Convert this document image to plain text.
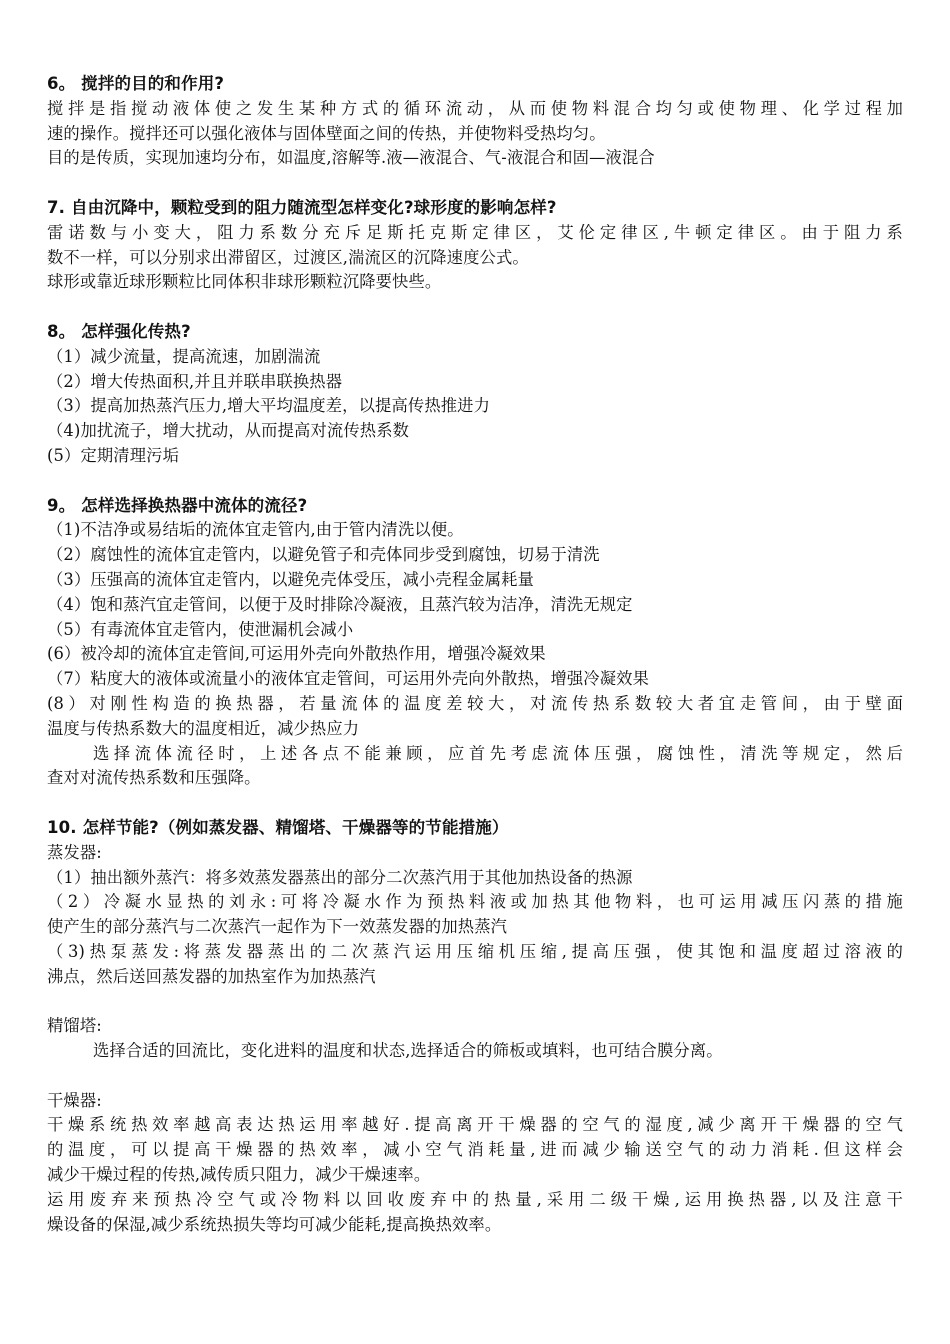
6。 搅拌的目的和作用?
搅拌是指搅动液体使之发生某种方式的循环流动，从而使物料混合均匀或使物理、化学过程加
速的操作。搅拌还可以强化液体与固体壁面之间的传热，并使物料受热均匀。
目的是传质，实现加速均分布，如温度,溶解等.液—液混合、气-液混合和固—液混合
7. 自由沉降中，颗粒受到的阻力随流型怎样变化?球形度的影响怎样?
雷诺数与小变大，阻力系数分充斥足斯托克斯定律区，艾伦定律区,牛顿定律区。由于阻力系
数不一样，可以分别求出滞留区，过渡区,湍流区的沉降速度公式。
球形或靠近球形颗粒比同体积非球形颗粒沉降要快些。
8。 怎样强化传热?
（1）减少流量，提高流速，加剧湍流
（2）增大传热面积,并且并联串联换热器
（3）提高加热蒸汽压力,增大平均温度差，以提高传热推进力
（4)加扰流子，增大扰动，从而提高对流传热系数
(5）定期清理污垢
9。 怎样选择换热器中流体的流径?
（1)不洁净或易结垢的流体宜走管内,由于管内清洗以便。
（2）腐蚀性的流体宜走管内，以避免管子和壳体同步受到腐蚀，切易于清洗
（3）压强高的流体宜走管内，以避免壳体受压，减小壳程金属耗量
（4）饱和蒸汽宜走管间，以便于及时排除冷凝液，且蒸汽较为洁净，清洗无规定
（5）有毒流体宜走管内，使泄漏机会减小
(6）被冷却的流体宜走管间,可运用外壳向外散热作用，增强冷凝效果
（7）粘度大的液体或流量小的液体宜走管间，可运用外壳向外散热，增强冷凝效果
(8）对刚性构造的换热器，若量流体的温度差较大，对流传热系数较大者宜走管间，由于壁面
温度与传热系数大的温度相近，减少热应力
选择流体流径时，上述各点不能兼顾，应首先考虑流体压强，腐蚀性，清洗等规定，然后
查对对流传热系数和压强降。
10. 怎样节能?（例如蒸发器、精馏塔、干燥器等的节能措施）
蒸发器:
（1）抽出额外蒸汽：将多效蒸发器蒸出的部分二次蒸汽用于其他加热设备的热源
（2）冷凝水显热的刘永:可将冷凝水作为预热料液或加热其他物料，也可运用减压闪蒸的措施
使产生的部分蒸汽与二次蒸汽一起作为下一效蒸发器的加热蒸汽
（3)热泵蒸发:将蒸发器蒸出的二次蒸汽运用压缩机压缩,提高压强，使其饱和温度超过溶液的
沸点，然后送回蒸发器的加热室作为加热蒸汽
精馏塔:
选择合适的回流比，变化进料的温度和状态,选择适合的筛板或填料，也可结合膜分离。
干燥器:
干燥系统热效率越高表达热运用率越好.提高离开干燥器的空气的湿度,减少离开干燥器的空气
的温度，可以提高干燥器的热效率，减小空气消耗量,进而减少输送空气的动力消耗.但这样会
减少干燥过程的传热,减传质只阻力，减少干燥速率。
运用废弃来预热冷空气或冷物料以回收废弃中的热量,采用二级干燥,运用换热器,以及注意干
燥设备的保湿,减少系统热损失等均可减少能耗,提高换热效率。
